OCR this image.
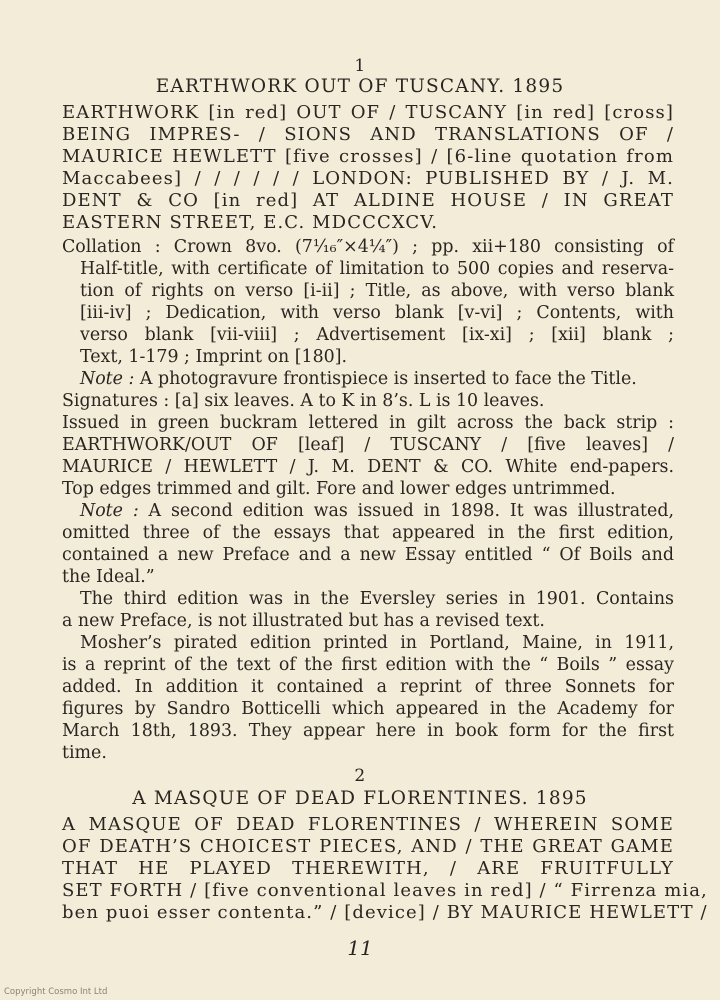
1
EARTHWORK OUT OF TUSCANY. 1895
EARTHWORK [in red] OUT OF / TUSCANY [in red] [cross]
BEING IMPRES- / SIONS AND TRANSLATIONS OF /
MAURICE HEWLETT [five crosses] / [6-line quotation from
Maccabees] / / / / / / LONDON: PUBLISHED BY / J. M.
DENT & CO [in red] AT ALDINE HOUSE / IN GREAT
EASTERN STREET, E.C. MDCCCXCV.
Collation : Crown 8vo. (7⅟₁₆″×4¼″) ; pp. xii+180 consisting of
Half-title, with certificate of limitation to 500 copies and reserva-
tion of rights on verso [i-ii] ; Title, as above, with verso blank
[iii-iv] ; Dedication, with verso blank [v-vi] ; Contents, with
verso blank [vii-viii] ; Advertisement [ix-xi] ; [xii] blank ;
Text, 1-179 ; Imprint on [180].
Note : A photogravure frontispiece is inserted to face the Title.
Signatures : [a] six leaves. A to K in 8’s. L is 10 leaves.
Issued in green buckram lettered in gilt across the back strip :
EARTHWORK/OUT OF [leaf] / TUSCANY / [five leaves] /
MAURICE / HEWLETT / J. M. DENT & CO. White end-papers.
Top edges trimmed and gilt. Fore and lower edges untrimmed.
Note : A second edition was issued in 1898. It was illustrated,
omitted three of the essays that appeared in the first edition,
contained a new Preface and a new Essay entitled “ Of Boils and
the Ideal.”
The third edition was in the Eversley series in 1901. Contains
a new Preface, is not illustrated but has a revised text.
Mosher’s pirated edition printed in Portland, Maine, in 1911,
is a reprint of the text of the first edition with the “ Boils ” essay
added. In addition it contained a reprint of three Sonnets for
figures by Sandro Botticelli which appeared in the Academy for
March 18th, 1893. They appear here in book form for the first
time.
2
A MASQUE OF DEAD FLORENTINES. 1895
A MASQUE OF DEAD FLORENTINES / WHEREIN SOME
OF DEATH’S CHOICEST PIECES, AND / THE GREAT GAME
THAT HE PLAYED THEREWITH, / ARE FRUITFULLY
SET FORTH / [five conventional leaves in red] / “ Firrenza mia,
ben puoi esser contenta.” / [device] / BY MAURICE HEWLETT /
11
Copyright Cosmo Int Ltd
